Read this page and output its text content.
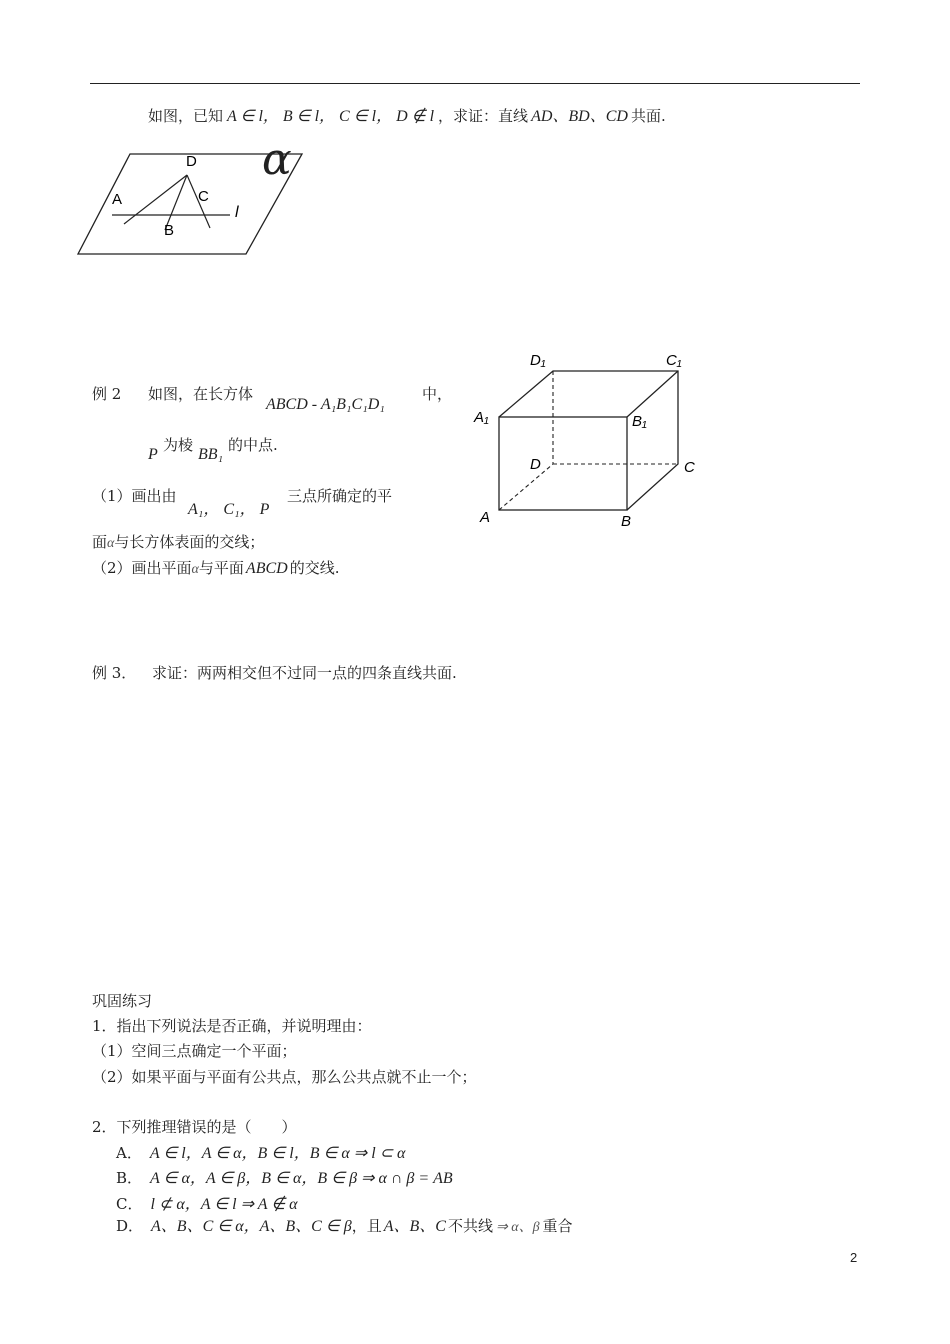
如图，已知 A ∈ l， B ∈ l， C ∈ l， D ∉ l ，求证：直线 AD、BD、CD 共面.
D
A	C
B
l
α
例 2 如图，在长方体
ABCD - A₁B₁C₁D₁
中，
P
为棱
BB₁
的中点.
（1）画出由
A₁， C₁， P
三点所确定的平
面α与长方体表面的交线；
（2）画出平面α与平面 ABCD 的交线.
D₁	C₁
A₁	B₁
D	C
A	B
例 3． 求证：两两相交但不过同一点的四条直线共面.
巩固练习
1．指出下列说法是否正确，并说明理由：
（1）空间三点确定一个平面；
（2）如果平面与平面有公共点，那么公共点就不止一个；
2．下列推理错误的是（　　）
A． A ∈ l，A ∈ α，B ∈ l，B ∈ α ⇒ l ⊂ α
B． A ∈ α，A ∈ β，B ∈ α，B ∈ β ⇒ α ∩ β = AB
C． l ⊄ α，A ∈ l ⇒ A ∉ α
D． A、B、C ∈ α，A、B、C ∈ β，且 A、B、C 不共线 ⇒ α、β 重合
2
